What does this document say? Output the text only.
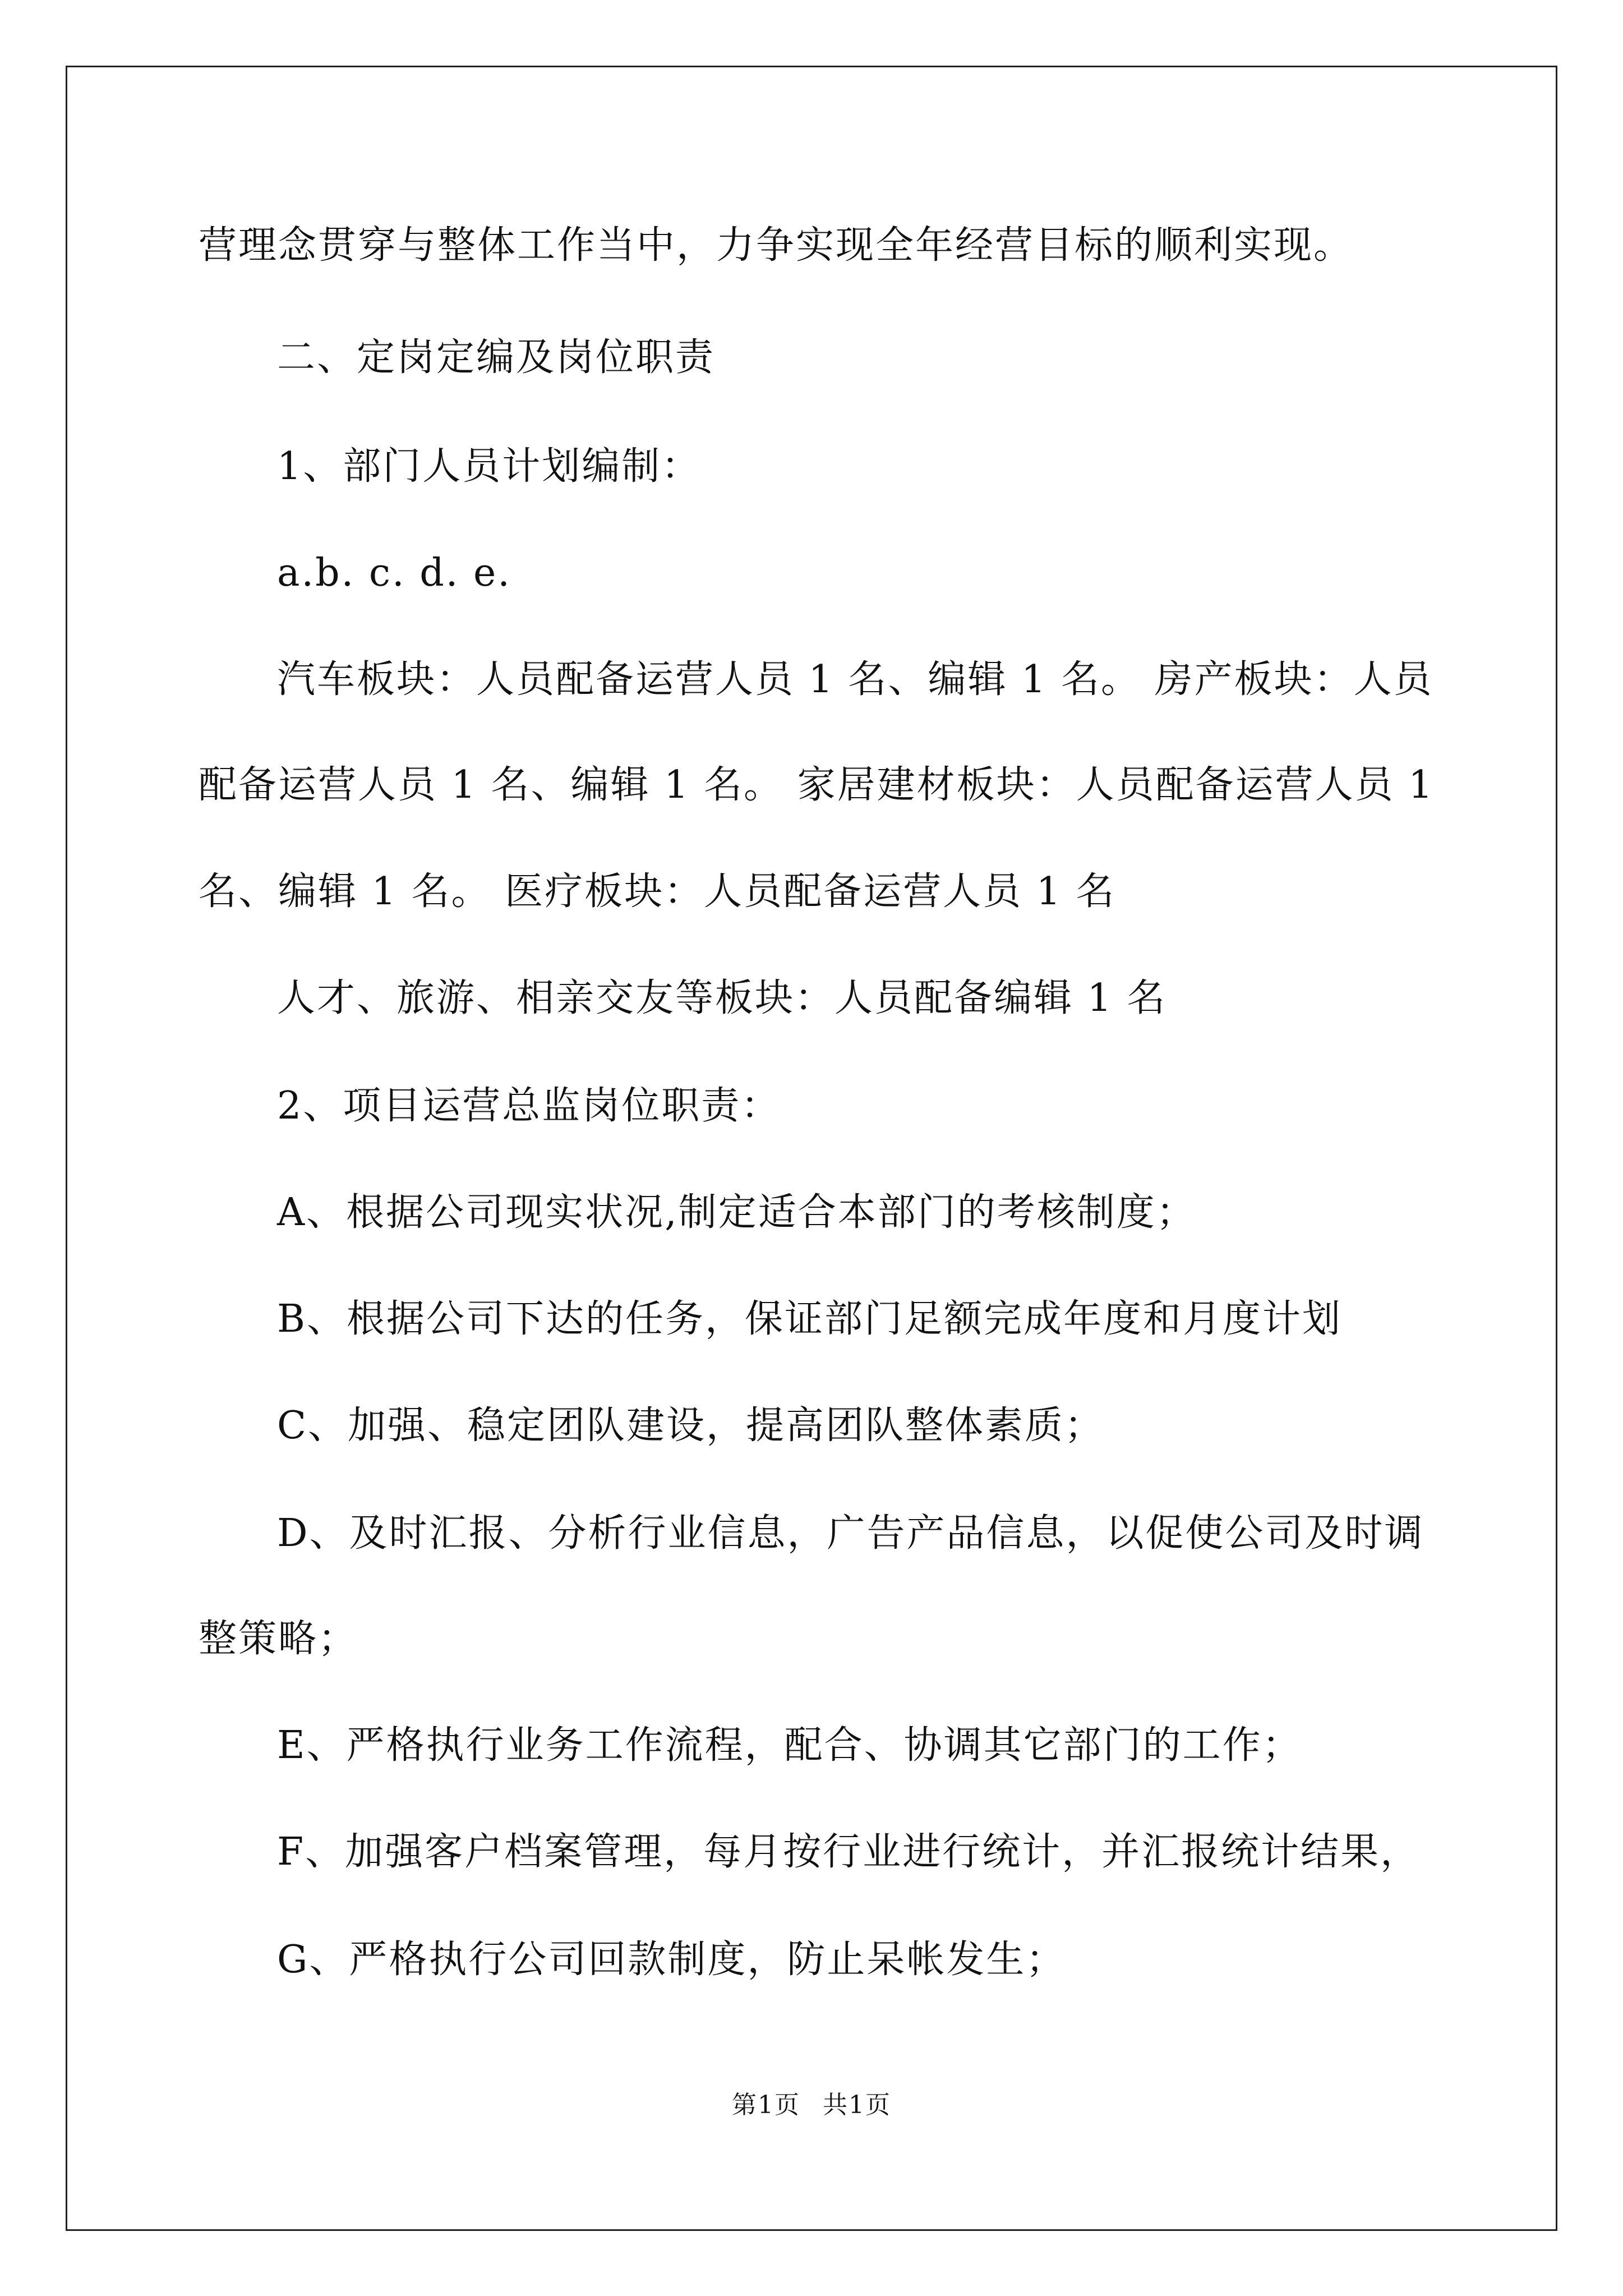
营理念贯穿与整体工作当中，力争实现全年经营目标的顺利实现。
二、定岗定编及岗位职责
1、部门人员计划编制：
a.b. c. d. e.
汽车板块：人员配备运营人员 1 名、编辑 1 名。 房产板块：人员
配备运营人员 1 名、编辑 1 名。 家居建材板块：人员配备运营人员 1
名、编辑 1 名。 医疗板块：人员配备运营人员 1 名
人才、旅游、相亲交友等板块：人员配备编辑 1 名
2、项目运营总监岗位职责：
A、根据公司现实状况,制定适合本部门的考核制度；
B、根据公司下达的任务，保证部门足额完成年度和月度计划
C、加强、稳定团队建设，提高团队整体素质；
D、及时汇报、分析行业信息，广告产品信息，以促使公司及时调
整策略；
E、严格执行业务工作流程，配合、协调其它部门的工作；
F、加强客户档案管理，每月按行业进行统计，并汇报统计结果，
G、严格执行公司回款制度，防止呆帐发生；
第1页 共1页
